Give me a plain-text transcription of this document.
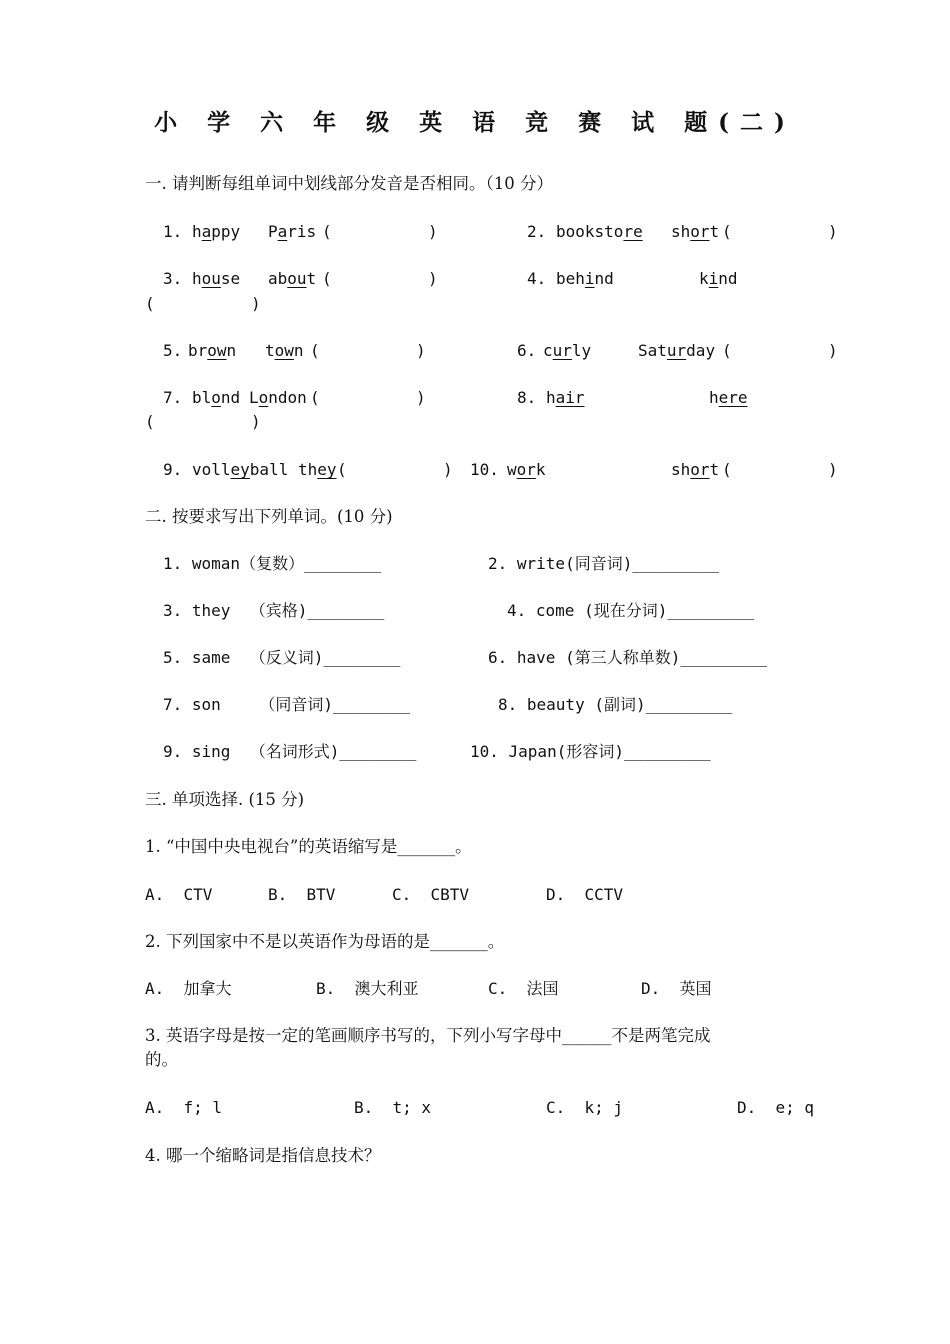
小 学 六 年 级 英 语 竞 赛 试 题(二)
一. 请判断每组单词中划线部分发音是否相同。（10 分）
1. happy Paris (          )	2. bookstore short (          )
3. house about (          )	4. behind	kind
(          )
5. brown town (          )	6. curly	Saturday (          )
7. blond London (          )	8. hair	here
(          )
9. volleyball they (          ) 10. work	short (          )
二. 按要求写出下列单词。(10 分)
1. woman（复数）________	2. write(同音词)_________
3. they  （宾格)________	4. come (现在分词)_________
5. same  （反义词)________	6. have (第三人称单数)_________
7. son    （同音词)________	8. beauty (副词)_________
9. sing  （名词形式)________	10. Japan(形容词)_________
三. 单项选择. (15 分)
1. “中国中央电视台”的英语缩写是_______。
A.  CTV	B.  BTV	C.  CBTV	D.  CCTV
2. 下列国家中不是以英语作为母语的是_______。
A.  加拿大	B.  澳大利亚	C.  法国	D.  英国
3. 英语字母是按一定的笔画顺序书写的，下列小写字母中______不是两笔完成
的。
A.  f; l	B.  t; x	C.  k; j	D.  e; q
4. 哪一个缩略词是指信息技术？
